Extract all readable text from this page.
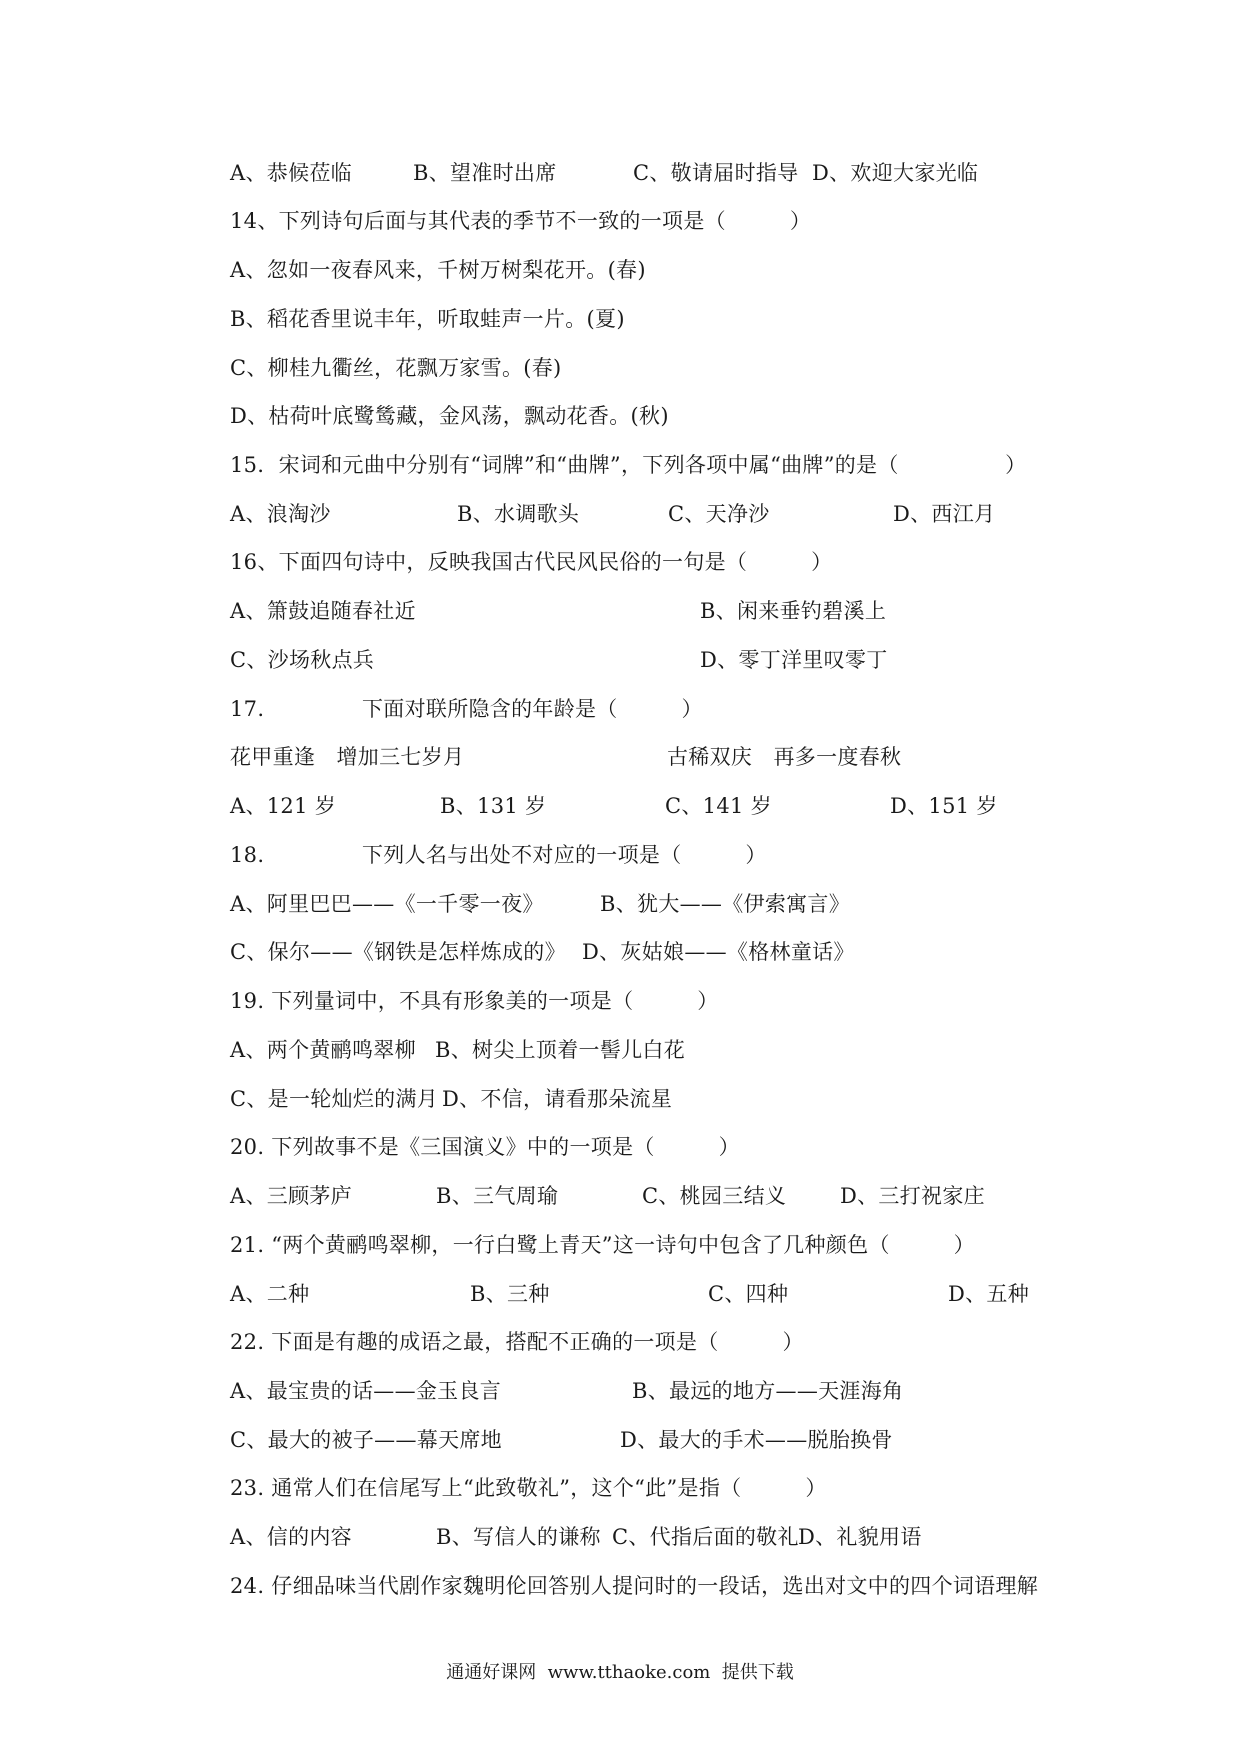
A、恭候莅临

	B、望准时出席

	C、敬请届时指导

D、欢迎大家光临

14、下列诗句后面与其代表的季节不一致的一项是（　　　）
A、忽如一夜春风来，千树万树梨花开。(春)
B、稻花香里说丰年，听取蛙声一片。(夏)
C、柳桂九衢丝，花飘万家雪。(春)
D、枯荷叶底鹭鸶藏，金风荡，飘动花香。(秋)
15．宋词和元曲中分别有“词牌”和“曲牌”，下列各项中属“曲牌”的是（　　　　　）

A、浪淘沙

	B、水调歌头

	C、天净沙

	D、西江月

16、下面四句诗中，反映我国古代民风民俗的一句是（　　　）

A、箫鼓追随春社近

	B、闲来垂钓碧溪上

C、沙场秋点兵

	D、零丁洋里叹零丁

17.

	下面对联所隐含的年龄是（　　　）

花甲重逢　增加三七岁月

	古稀双庆　再多一度春秋

A、121 岁

	B、131 岁

	C、141 岁

	D、151 岁

18.

	下列人名与出处不对应的一项是（　　　）

A、阿里巴巴——《一千零一夜》

	B、犹大——《伊索寓言》

C、保尔——《钢铁是怎样炼成的》

D、灰姑娘——《格林童话》

19. 下列量词中，不具有形象美的一项是（　　　）

A、两个黄鹂鸣翠柳

B、树尖上顶着一髻儿白花

C、是一轮灿烂的满月

D、不信，请看那朵流星

20. 下列故事不是《三国演义》中的一项是（　　　）

A、三顾茅庐

	B、三气周瑜

	C、桃园三结义

	D、三打祝家庄

21. “两个黄鹂鸣翠柳，一行白鹭上青天”这一诗句中包含了几种颜色（　　　）

A、二种

	B、三种

	C、四种

	D、五种

22. 下面是有趣的成语之最，搭配不正确的一项是（　　　）

A、最宝贵的话——金玉良言

	B、最远的地方——天涯海角

C、最大的被子——幕天席地

	D、最大的手术——脱胎换骨

23. 通常人们在信尾写上“此致敬礼”，这个“此”是指（　　　）

A、信的内容

	B、写信人的谦称

C、代指后面的敬礼

D、礼貌用语

24. 仔细品味当代剧作家魏明伦回答别人提问时的一段话，选出对文中的四个词语理解
通通好课网  www.tthaoke.com  提供下载
